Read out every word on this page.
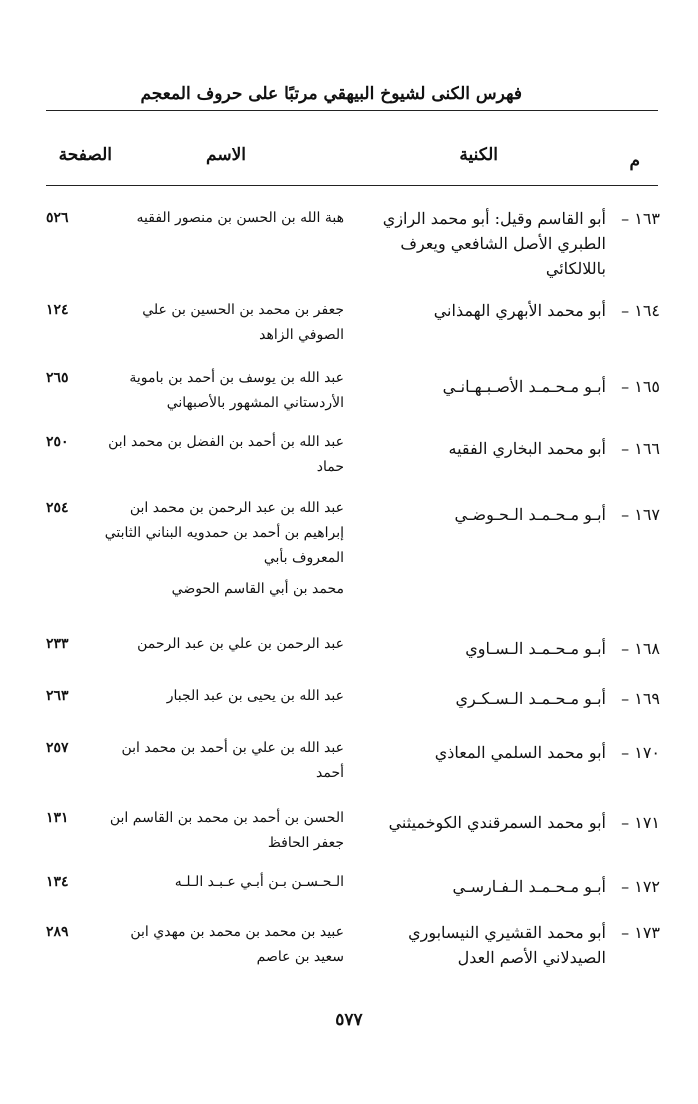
فهرس الكنى لشيوخ البيهقي مرتبًا على حروف المعجم
م
الكنية
الاسم
الصفحة
١٦٣ –
أبو القاسم وقيل: أبو محمد الرازي الطبري الأصل الشافعي ويعرف باللالكائي
هبة الله بن الحسن بن منصور الفقيه
٥٢٦
١٦٤ –
أبو محمد الأبهري الهمذاني
جعفر بن محمد بن الحسين بن علي الصوفي الزاهد
١٢٤
١٦٥ –
أبـو مـحـمـد الأصـبـهـانـي
عبد الله بن يوسف بن أحمد بن باموية الأردستاني المشهور بالأصبهاني
٢٦٥
١٦٦ –
أبو محمد البخاري الفقيه
عبد الله بن أحمد بن الفضل بن محمد ابن حماد
٢٥٠
١٦٧ –
أبـو مـحـمـد الـحـوضـي
عبد الله بن عبد الرحمن بن محمد ابن إبراهيم بن أحمد بن حمدويه البناني الثابتي المعروف بأبي
محمد بن أبي القاسم الحوضي
٢٥٤
١٦٨ –
أبـو مـحـمـد الـسـاوي
عبد الرحمن بن علي بن عبد الرحمن
٢٣٣
١٦٩ –
أبـو مـحـمـد الـسـكـري
عبد الله بن يحيى بن عبد الجبار
٢٦٣
١٧٠ –
أبو محمد السلمي المعاذي
عبد الله بن علي بن أحمد بن محمد ابن أحمد
٢٥٧
١٧١ –
أبو محمد السمرقندي الكوخميثني
الحسن بن أحمد بن محمد بن القاسم ابن جعفر الحافظ
١٣١
١٧٢ –
أبـو مـحـمـد الـفـارسـي
الـحـسـن بـن أبـي عـبـد الـلـه
١٣٤
١٧٣ –
أبو محمد القشيري النيسابوري الصيدلاني الأصم العدل
عبيد بن محمد بن محمد بن مهدي ابن سعيد بن عاصم
٢٨٩
٥٧٧
